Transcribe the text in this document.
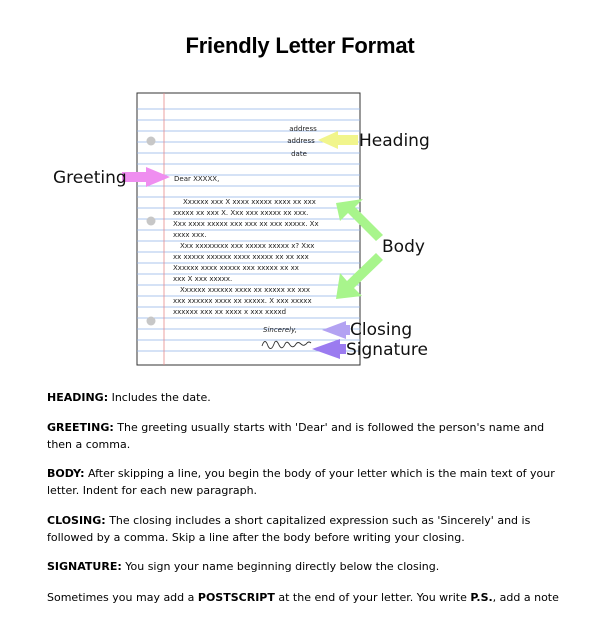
Friendly Letter Format
address
address
date
Dear XXXXX,
Xxxxxx xxx X xxxx xxxxx xxxx xx xxx
xxxxx xx xxx X. Xxx xxx xxxxx xx xxx.
Xxx xxxx xxxxx xxx xxx xx xxx xxxxx. Xx
xxxx xxx.
Xxx xxxxxxxx xxx xxxxx xxxxx x? Xxx
xx xxxxx xxxxxx xxxx xxxxx xx xx xxx
Xxxxxx xxxx xxxxx xxx xxxxx xx xx
xxx X xxx xxxxx.
Xxxxxx xxxxxx xxxx xx xxxxx xx xxx
xxx xxxxxx xxxx xx xxxxx. X xxx xxxxx
xxxxxx xxx xx xxxx x xxx xxxxd
Sincerely,
Heading
Greeting
Body
Closing
Signature

HEADING: Includes the date.

GREETING: The greeting usually starts with 'Dear' and is followed the person's name and then a comma.

BODY: After skipping a line, you begin the body of your letter which is the main text of your letter. Indent for each new paragraph.

CLOSING: The closing includes a short capitalized expression such as 'Sincerely' and is followed by a comma. Skip a line after the body before writing your closing.

SIGNATURE: You sign your name beginning directly below the closing.

Sometimes you may add a POSTSCRIPT at the end of your letter. You write P.S., add a note
